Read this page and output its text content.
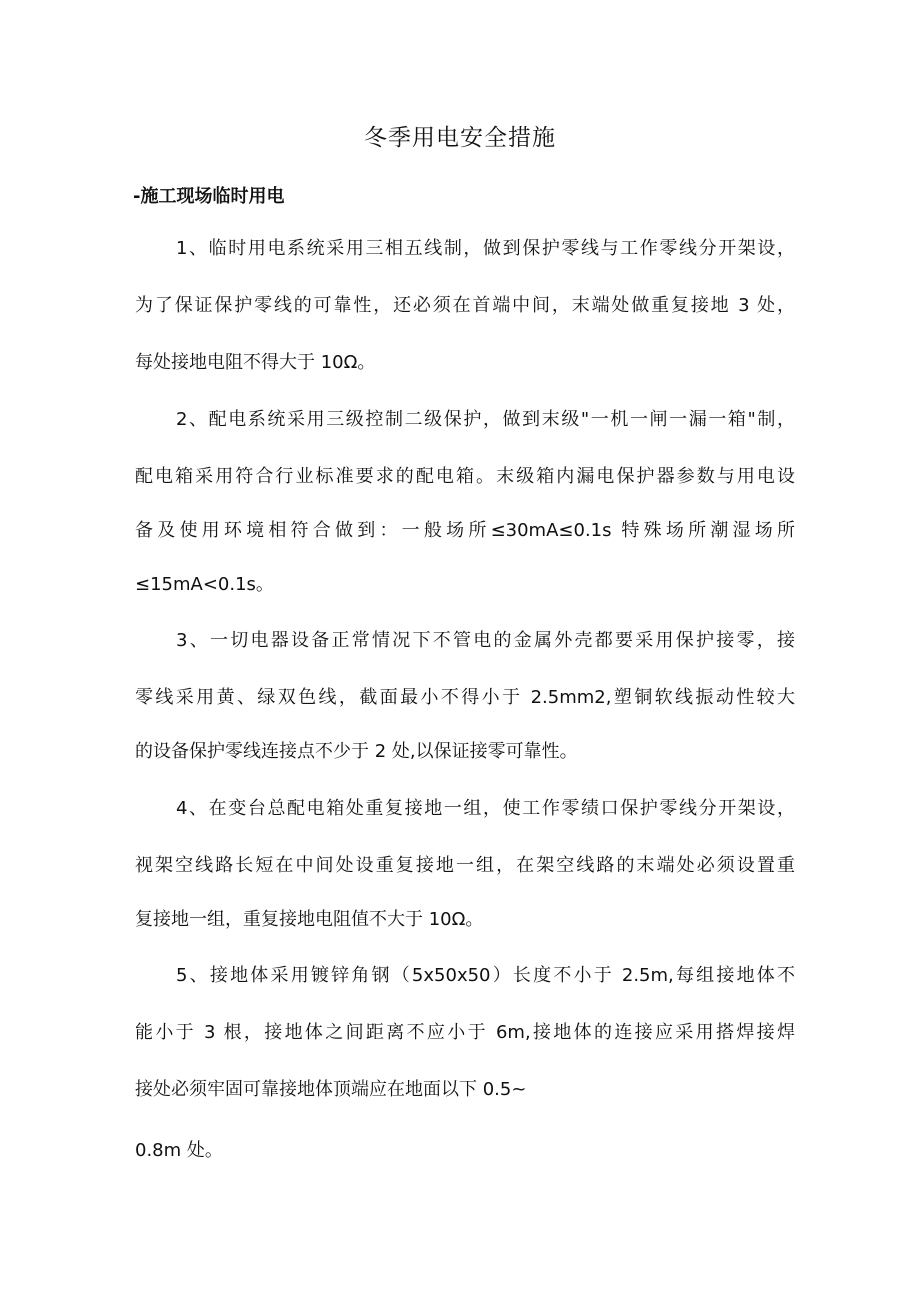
冬季用电安全措施
-施工现场临时用电
1、临时用电系统采用三相五线制，做到保护零线与工作零线分开架设，
为了保证保护零线的可靠性，还必须在首端中间，末端处做重复接地 3 处，
每处接地电阻不得大于 10Ω。
2、配电系统采用三级控制二级保护，做到末级"一机一闸一漏一箱"制，
配电箱采用符合行业标准要求的配电箱。末级箱内漏电保护器参数与用电设
备及使用环境相符合做到：一般场所≤30mA≤0.1s 特殊场所潮湿场所
≤15mA<0.1s。
3、一切电器设备正常情况下不管电的金属外壳都要采用保护接零，接
零线采用黄、绿双色线，截面最小不得小于 2.5mm2,塑铜软线振动性较大
的设备保护零线连接点不少于 2 处,以保证接零可靠性。
4、在变台总配电箱处重复接地一组，使工作零绩口保护零线分开架设，
视架空线路长短在中间处设重复接地一组，在架空线路的末端处必须设置重
复接地一组，重复接地电阻值不大于 10Ω。
5、接地体采用镀锌角钢（5x50x50）长度不小于 2.5m,每组接地体不
能小于 3 根，接地体之间距离不应小于 6m,接地体的连接应采用搭焊接焊
接处必须牢固可靠接地体顶端应在地面以下 0.5~
0.8m 处。
